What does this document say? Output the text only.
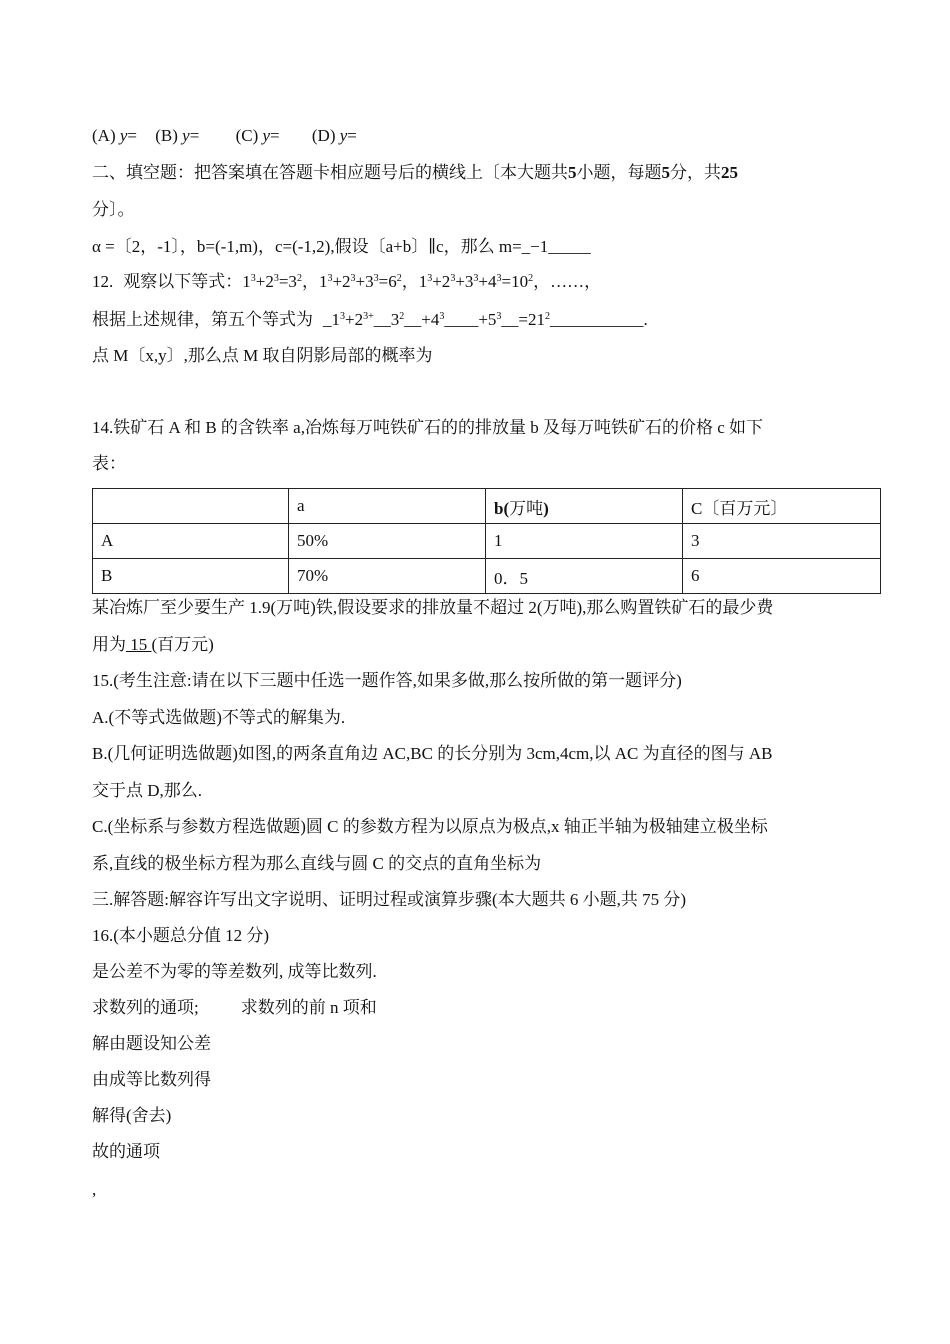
(A) y= (B) y= (C) y= (D) y=
二、填空题：把答案填在答题卡相应题号后的横线上〔本大题共5小题，每题5分，共25
分〕。
α =〔2，-1〕，b=(-1,m)，c=(-1,2),假设〔a+b〕∥c，那么 m=_−1_____
12. 观察以下等式：$1^3+2^3=3^2$，$1^3+2^3+3^3=6^2$，$1^3+2^3+3^3+4^3=10^2$，……，
根据上述规律，第五个等式为 $\_1^3+2^{3+}\_\_3^2\_\_+4^3\_\_\_\_+5^3\_\_=21^2\_\_\_\_\_\_\_\_\_\_\_$.
点 M〔x,y〕,那么点 M 取自阴影局部的概率为
14.铁矿石 A 和 B 的含铁率 a,冶炼每万吨铁矿石的的排放量 b 及每万吨铁矿石的价格 c 如下
表：
	a	b(万吨)	C〔百万元〕
A	50%	1	3
B	70%	0．5	6
某冶炼厂至少要生产 1.9(万吨)铁,假设要求的排放量不超过 2(万吨),那么购置铁矿石的最少费
用为 15 (百万元)
15.(考生注意:请在以下三题中任选一题作答,如果多做,那么按所做的第一题评分)
A.(不等式选做题)不等式的解集为.
B.(几何证明选做题)如图,的两条直角边 AC,BC 的长分别为 3cm,4cm,以 AC 为直径的图与 AB
交于点 D,那么.
C.(坐标系与参数方程选做题)圆 C 的参数方程为以原点为极点,x 轴正半轴为极轴建立极坐标
系,直线的极坐标方程为那么直线与圆 C 的交点的直角坐标为
三.解答题:解容许写出文字说明、证明过程或演算步骤(本大题共 6 小题,共 75 分)
16.(本小题总分值 12 分)
是公差不为零的等差数列, 成等比数列.
求数列的通项; 求数列的前 n 项和
解由题设知公差
由成等比数列得
解得(舍去)
故的通项
,
